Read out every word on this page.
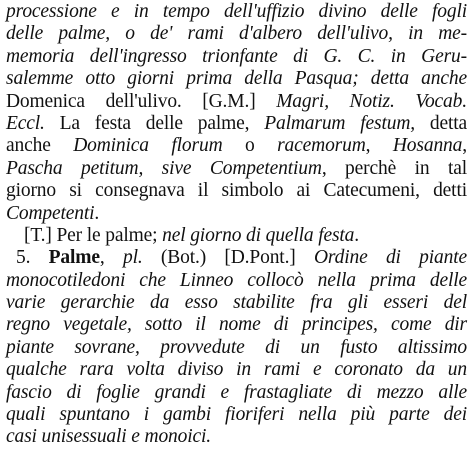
processione e in tempo dell'uffizio divino delle fogli
delle palme, o de' rami d'albero dell'ulivo, in me-
memoria dell'ingresso trionfante di G. C. in Geru-
salemme otto giorni prima della Pasqua; detta anche
Domenica dell'ulivo. [G.M.] Magri, Notiz. Vocab.
Eccl. La festa delle palme, Palmarum festum, detta
anche Dominica florum o racemorum, Hosanna,
Pascha petitum, sive Competentium, perchè in tal
giorno si consegnava il simbolo ai Catecumeni, detti
Competenti.
[T.] Per le palme; nel giorno di quella festa.
5. Palme, pl. (Bot.) [D.Pont.] Ordine di piante
monocotiledoni che Linneo collocò nella prima delle
varie gerarchie da esso stabilite fra gli esseri del
regno vegetale, sotto il nome di principes, come dir
piante sovrane, provvedute di un fusto altissimo
qualche rara volta diviso in rami e coronato da un
fascio di foglie grandi e frastagliate di mezzo alle
quali spuntano i gambi fioriferi nella più parte dei
casi unisessuali e monoici.
